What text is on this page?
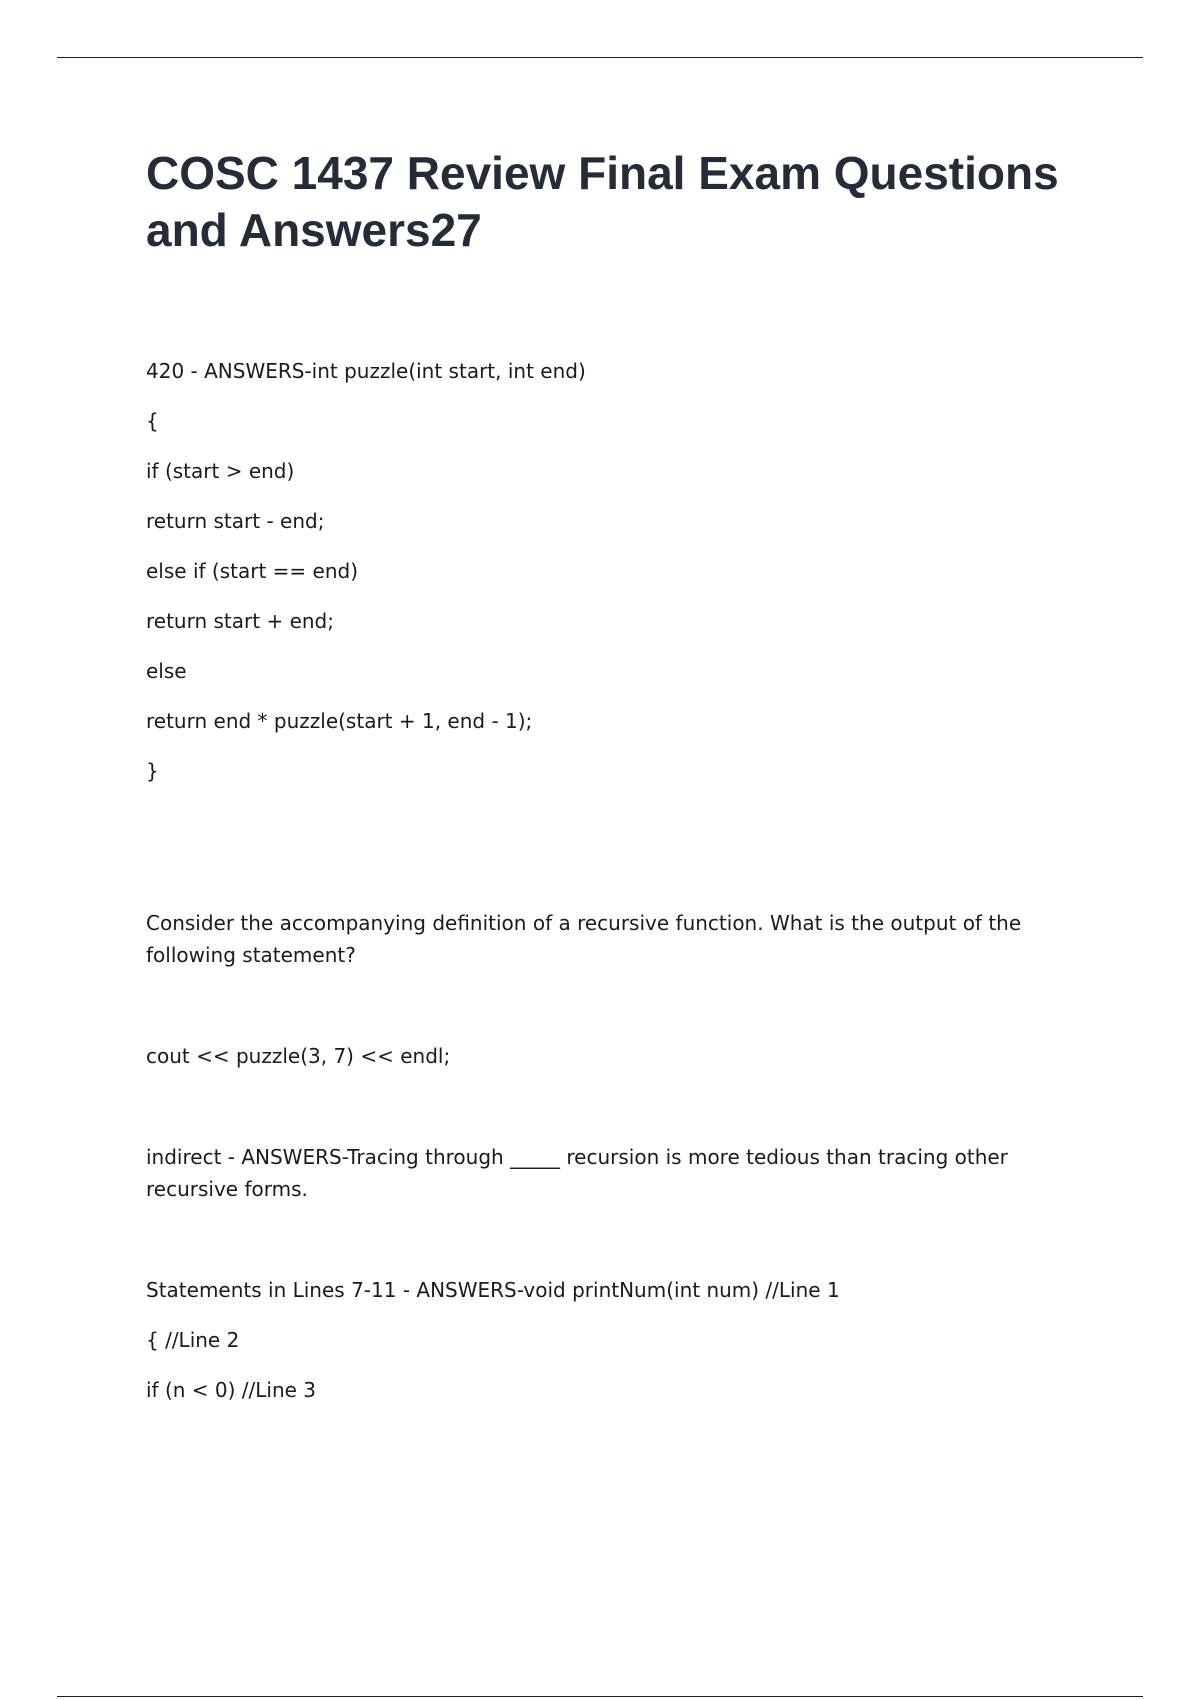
COSC 1437 Review Final Exam Questions and Answers27

420 - ANSWERS-int puzzle(int start, int end)

{

if (start > end)

return start - end;

else if (start == end)

return start + end;

else

return end * puzzle(start + 1, end - 1);

}

Consider the accompanying definition of a recursive function. What is the output of the following statement?

cout << puzzle(3, 7) << endl;

indirect - ANSWERS-Tracing through _____ recursion is more tedious than tracing other recursive forms.

Statements in Lines 7-11 - ANSWERS-void printNum(int num) //Line 1

{ //Line 2

if (n < 0) //Line 3
